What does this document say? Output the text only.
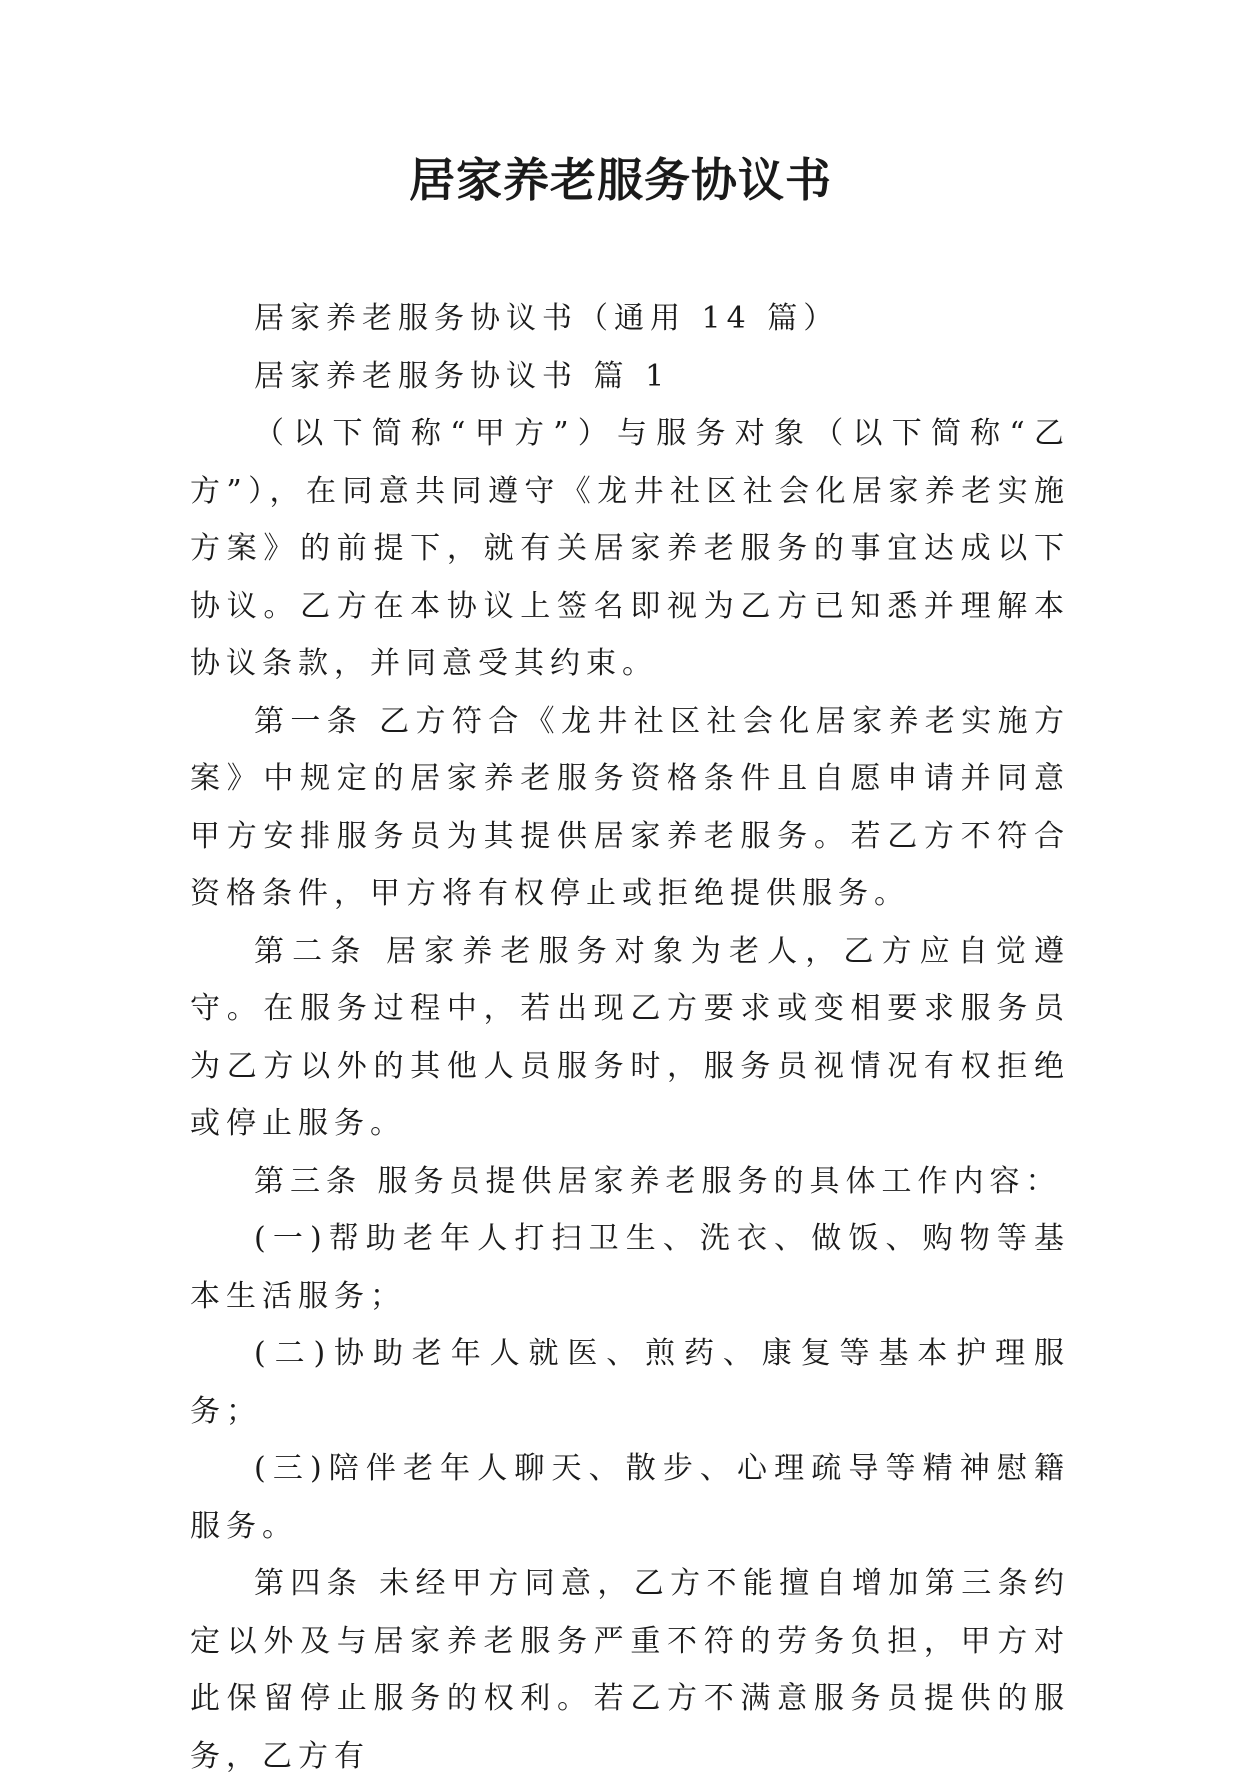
居家养老服务协议书

居家养老服务协议书（通用 14 篇）

居家养老服务协议书 篇 1

（以下简称“甲方”）与服务对象（以下简称“乙方”），在同意共同遵守《龙井社区社会化居家养老实施方案》的前提下，就有关居家养老服务的事宜达成以下协议。乙方在本协议上签名即视为乙方已知悉并理解本协议条款，并同意受其约束。

第一条 乙方符合《龙井社区社会化居家养老实施方案》中规定的居家养老服务资格条件且自愿申请并同意甲方安排服务员为其提供居家养老服务。若乙方不符合资格条件，甲方将有权停止或拒绝提供服务。

第二条 居家养老服务对象为老人，乙方应自觉遵守。在服务过程中，若出现乙方要求或变相要求服务员为乙方以外的其他人员服务时，服务员视情况有权拒绝或停止服务。

第三条 服务员提供居家养老服务的具体工作内容：

(一)帮助老年人打扫卫生、洗衣、做饭、购物等基本生活服务；

(二)协助老年人就医、煎药、康复等基本护理服务；

(三)陪伴老年人聊天、散步、心理疏导等精神慰籍服务。

第四条 未经甲方同意，乙方不能擅自增加第三条约定以外及与居家养老服务严重不符的劳务负担，甲方对此保留停止服务的权利。若乙方不满意服务员提供的服务，乙方有
